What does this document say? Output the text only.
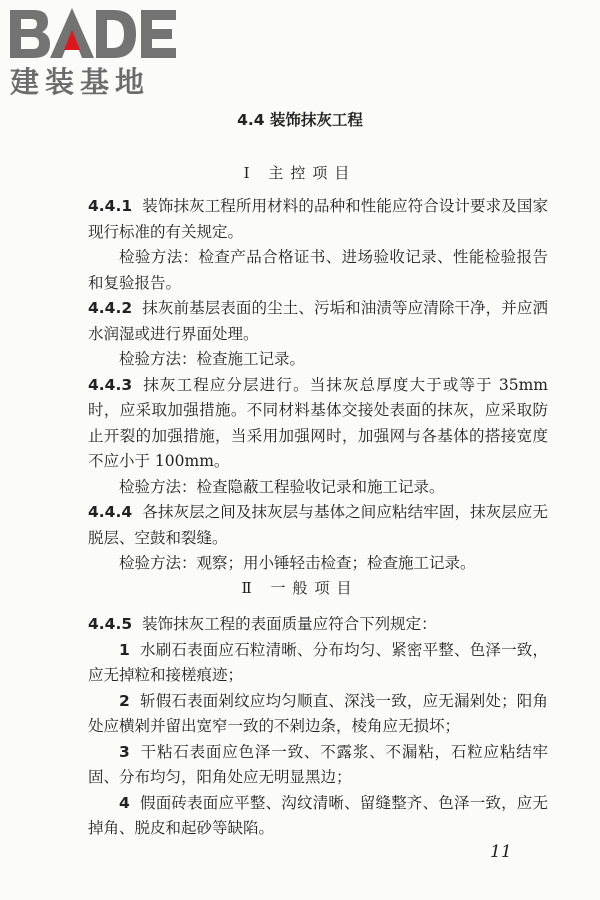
建装基地
4.4 装饰抹灰工程
Ⅰ 主控项目

4.4.1 装饰抹灰工程所用材料的品种和性能应符合设计要求及国家现行标准的有关规定。

检验方法：检查产品合格证书、进场验收记录、性能检验报告和复验报告。

4.4.2 抹灰前基层表面的尘土、污垢和油渍等应清除干净，并应洒水润湿或进行界面处理。

检验方法：检查施工记录。

4.4.3 抹灰工程应分层进行。当抹灰总厚度大于或等于 35mm 时，应采取加强措施。不同材料基体交接处表面的抹灰，应采取防止开裂的加强措施，当采用加强网时，加强网与各基体的搭接宽度不应小于 100mm。

检验方法：检查隐蔽工程验收记录和施工记录。

4.4.4 各抹灰层之间及抹灰层与基体之间应粘结牢固，抹灰层应无脱层、空鼓和裂缝。

检验方法：观察；用小锤轻击检查；检查施工记录。

Ⅱ 一般项目

4.4.5 装饰抹灰工程的表面质量应符合下列规定：

1 水刷石表面应石粒清晰、分布均匀、紧密平整、色泽一致，应无掉粒和接槎痕迹；

2 斩假石表面剁纹应均匀顺直、深浅一致，应无漏剁处；阳角处应横剁并留出宽窄一致的不剁边条，棱角应无损坏；

3 干粘石表面应色泽一致、不露浆、不漏粘，石粒应粘结牢固、分布均匀，阳角处应无明显黑边；

4 假面砖表面应平整、沟纹清晰、留缝整齐、色泽一致，应无掉角、脱皮和起砂等缺陷。

11
